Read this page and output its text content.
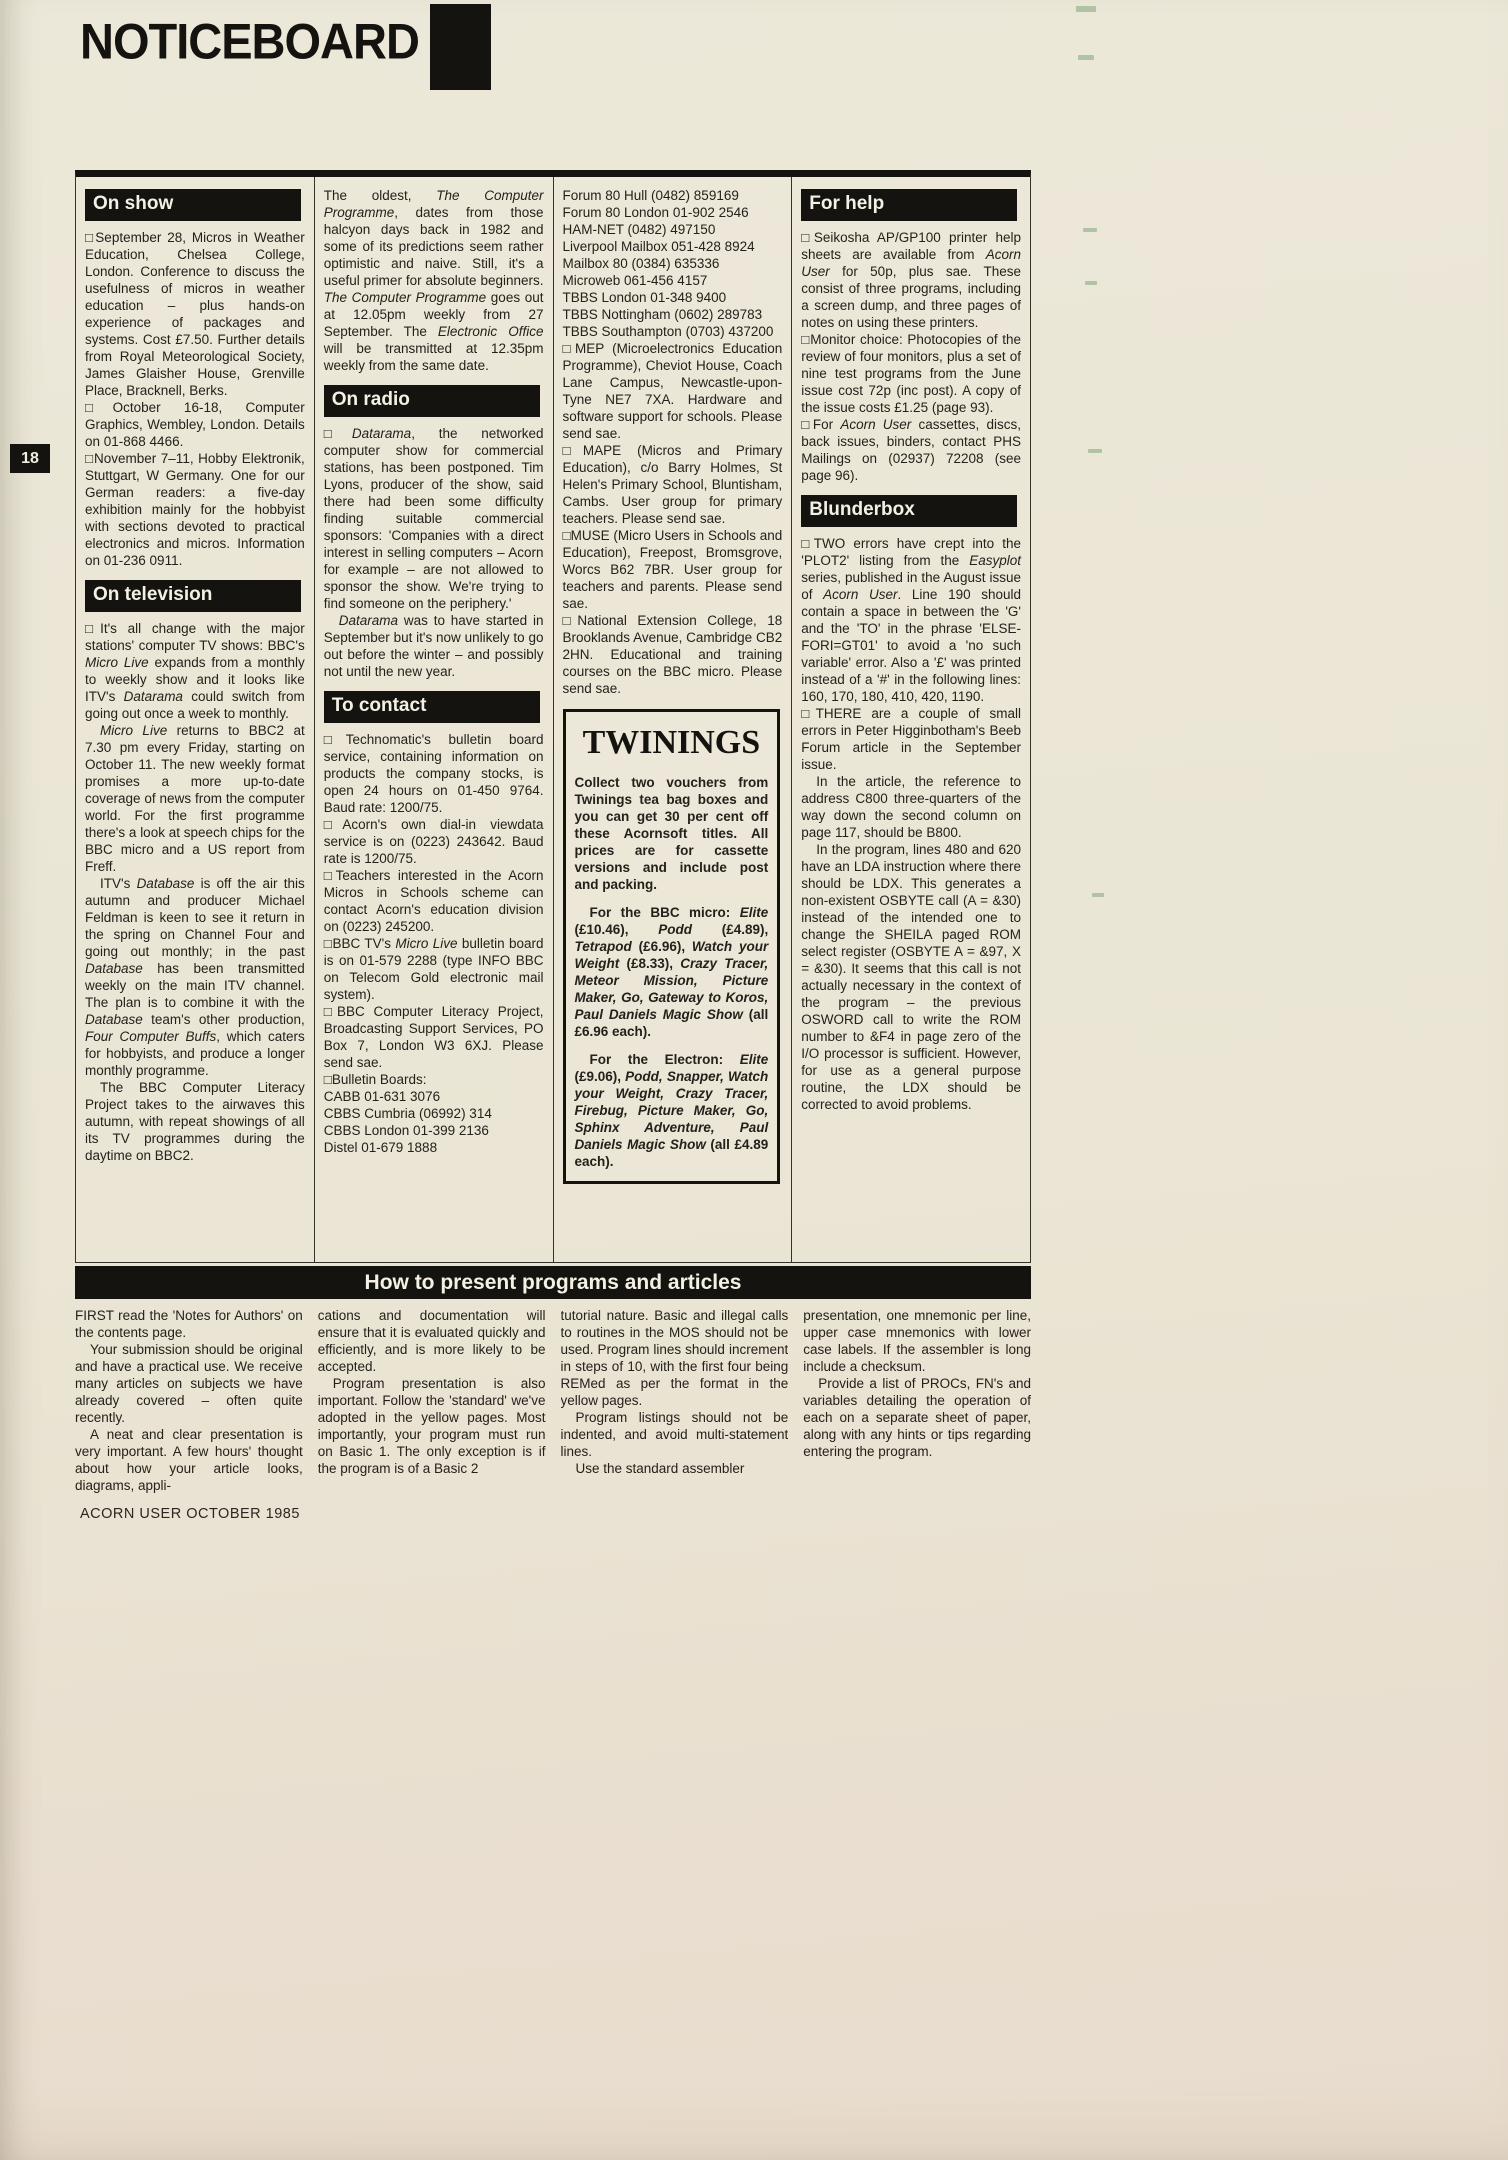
NOTICEBOARD
18
On show

□September 28, Micros in Weather Education, Chelsea College, London. Conference to discuss the usefulness of micros in weather education – plus hands-on experience of packages and systems. Cost £7.50. Further details from Royal Meteorological Society, James Glaisher House, Grenville Place, Bracknell, Berks.

□October 16-18, Computer Graphics, Wembley, London. Details on 01-868 4466.

□November 7–11, Hobby Elektronik, Stuttgart, W Germany. One for our German readers: a five-day exhibition mainly for the hobbyist with sections devoted to practical electronics and micros. Information on 01-236 0911.

On television

□It's all change with the major stations' computer TV shows: BBC's Micro Live expands from a monthly to weekly show and it looks like ITV's Datarama could switch from going out once a week to monthly.

Micro Live returns to BBC2 at 7.30 pm every Friday, starting on October 11. The new weekly format promises a more up-to-date coverage of news from the computer world. For the first programme there's a look at speech chips for the BBC micro and a US report from Freff.

ITV's Database is off the air this autumn and producer Michael Feldman is keen to see it return in the spring on Channel Four and going out monthly; in the past Database has been transmitted weekly on the main ITV channel. The plan is to combine it with the Database team's other production, Four Computer Buffs, which caters for hobbyists, and produce a longer monthly programme.

The BBC Computer Literacy Project takes to the airwaves this autumn, with repeat showings of all its TV programmes during the daytime on BBC2.

The oldest, The Computer Programme, dates from those halcyon days back in 1982 and some of its predictions seem rather optimistic and naive. Still, it's a useful primer for absolute beginners. The Computer Programme goes out at 12.05pm weekly from 27 September. The Electronic Office will be transmitted at 12.35pm weekly from the same date.

On radio

□Datarama, the networked computer show for commercial stations, has been postponed. Tim Lyons, producer of the show, said there had been some difficulty finding suitable commercial sponsors: 'Companies with a direct interest in selling computers – Acorn for example – are not allowed to sponsor the show. We're trying to find someone on the periphery.'

Datarama was to have started in September but it's now unlikely to go out before the winter – and possibly not until the new year.

To contact

□Technomatic's bulletin board service, containing information on products the company stocks, is open 24 hours on 01-450 9764. Baud rate: 1200/75.

□Acorn's own dial-in viewdata service is on (0223) 243642. Baud rate is 1200/75.

□Teachers interested in the Acorn Micros in Schools scheme can contact Acorn's education division on (0223) 245200.

□BBC TV's Micro Live bulletin board is on 01-579 2288 (type INFO BBC on Telecom Gold electronic mail system).

□BBC Computer Literacy Project, Broadcasting Support Services, PO Box 7, London W3 6XJ. Please send sae.

□Bulletin Boards:

CABB 01-631 3076

CBBS Cumbria (06992) 314

CBBS London 01-399 2136

Distel 01-679 1888

Forum 80 Hull (0482) 859169

Forum 80 London 01-902 2546

HAM-NET (0482) 497150

Liverpool Mailbox 051-428 8924

Mailbox 80 (0384) 635336

Microweb 061-456 4157

TBBS London 01-348 9400

TBBS Nottingham (0602) 289783

TBBS Southampton (0703) 437200

□MEP (Microelectronics Education Programme), Cheviot House, Coach Lane Campus, Newcastle-upon-Tyne NE7 7XA. Hardware and software support for schools. Please send sae.

□MAPE (Micros and Primary Education), c/o Barry Holmes, St Helen's Primary School, Bluntisham, Cambs. User group for primary teachers. Please send sae.

□MUSE (Micro Users in Schools and Education), Freepost, Bromsgrove, Worcs B62 7BR. User group for teachers and parents. Please send sae.

□National Extension College, 18 Brooklands Avenue, Cambridge CB2 2HN. Educational and training courses on the BBC micro. Please send sae.

TWININGS

Collect two vouchers from Twinings tea bag boxes and you can get 30 per cent off these Acornsoft titles. All prices are for cassette versions and include post and packing.

For the BBC micro: Elite (£10.46), Podd (£4.89), Tetrapod (£6.96), Watch your Weight (£8.33), Crazy Tracer, Meteor Mission, Picture Maker, Go, Gateway to Koros, Paul Daniels Magic Show (all £6.96 each).

For the Electron: Elite (£9.06), Podd, Snapper, Watch your Weight, Crazy Tracer, Firebug, Picture Maker, Go, Sphinx Adventure, Paul Daniels Magic Show (all £4.89 each).

For help

□Seikosha AP/GP100 printer help sheets are available from Acorn User for 50p, plus sae. These consist of three programs, including a screen dump, and three pages of notes on using these printers.

□Monitor choice: Photocopies of the review of four monitors, plus a set of nine test programs from the June issue cost 72p (inc post). A copy of the issue costs £1.25 (page 93).

□For Acorn User cassettes, discs, back issues, binders, contact PHS Mailings on (02937) 72208 (see page 96).

Blunderbox

□TWO errors have crept into the 'PLOT2' listing from the Easyplot series, published in the August issue of Acorn User. Line 190 should contain a space in between the 'G' and the 'TO' in the phrase 'ELSE-FORI=GT01' to avoid a 'no such variable' error. Also a '£' was printed instead of a '#' in the following lines: 160, 170, 180, 410, 420, 1190.

□THERE are a couple of small errors in Peter Higginbotham's Beeb Forum article in the September issue.

In the article, the reference to address C800 three-quarters of the way down the second column on page 117, should be B800.

In the program, lines 480 and 620 have an LDA instruction where there should be LDX. This generates a non-existent OSBYTE call (A = &30) instead of the intended one to change the SHEILA paged ROM select register (OSBYTE A = &97, X = &30). It seems that this call is not actually necessary in the context of the program – the previous OSWORD call to write the ROM number to &F4 in page zero of the I/O processor is sufficient. However, for use as a general purpose routine, the LDX should be corrected to avoid problems.

How to present programs and articles

FIRST read the 'Notes for Authors' on the contents page.

Your submission should be original and have a practical use. We receive many articles on subjects we have already covered – often quite recently.

A neat and clear presentation is very important. A few hours' thought about how your article looks, diagrams, appli-

cations and documentation will ensure that it is evaluated quickly and efficiently, and is more likely to be accepted.

Program presentation is also important. Follow the 'standard' we've adopted in the yellow pages. Most importantly, your program must run on Basic 1. The only exception is if the program is of a Basic 2

tutorial nature. Basic and illegal calls to routines in the MOS should not be used. Program lines should increment in steps of 10, with the first four being REMed as per the format in the yellow pages.

Program listings should not be indented, and avoid multi-statement lines.

Use the standard assembler

presentation, one mnemonic per line, upper case mnemonics with lower case labels. If the assembler is long include a checksum.

Provide a list of PROCs, FN's and variables detailing the operation of each on a separate sheet of paper, along with any hints or tips regarding entering the program.

ACORN USER OCTOBER 1985
